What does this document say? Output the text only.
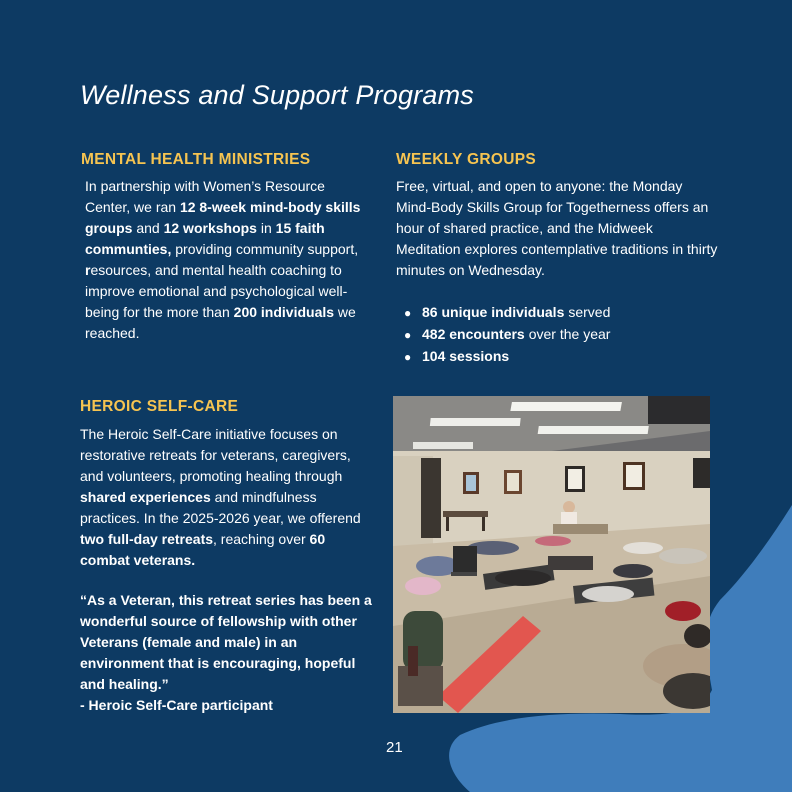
Wellness and Support Programs
MENTAL HEALTH MINISTRIES

In partnership with Women’s Resource Center, we ran 12 8-week mind-body skills groups and 12 workshops in 15 faith communties, providing community support, resources, and mental health coaching to improve emotional and psychological well-being for the more than 200 individuals we reached.

WEEKLY GROUPS

Free, virtual, and open to anyone: the Monday Mind-Body Skills Group for Togetherness offers an hour of shared practice, and the Midweek Meditation explores contemplative traditions in thirty minutes on Wednesday.

● 86 unique individuals served
● 482 encounters over the year
● 104 sessions
HEROIC SELF-CARE

The Heroic Self-Care initiative focuses on restorative retreats for veterans, caregivers, and volunteers, promoting healing through shared experiences and mindfulness practices. In the 2025-2026 year, we offerend two full-day retreats, reaching over 60 combat veterans.

“As a Veteran, this retreat series has been a wonderful source of fellowship with other Veterans (female and male) in an environment that is encouraging, hopeful and healing.”
- Heroic Self-Care participant
21
